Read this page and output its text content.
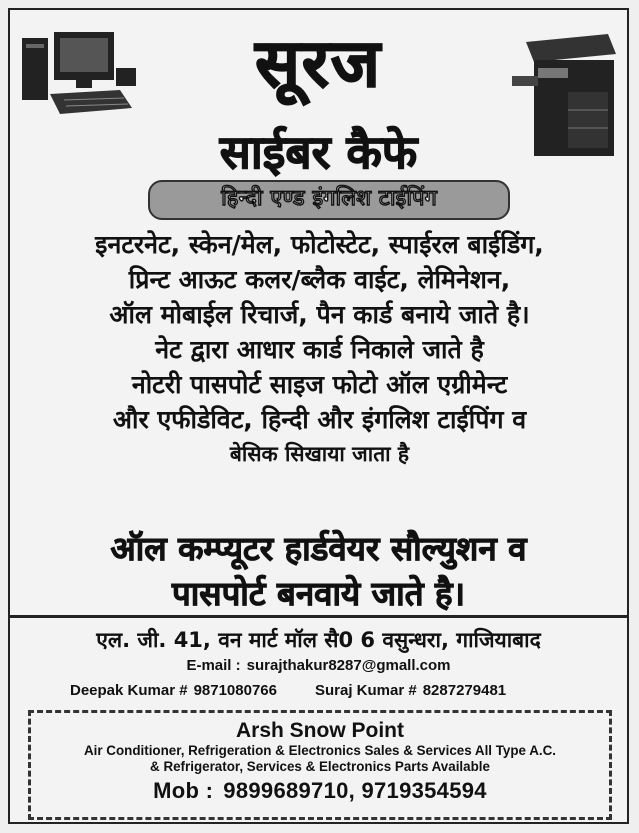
सूरज
साईबर कैफे
हिन्दी एण्ड इंगलिश टाईपिंग
इनटरनेट, स्केन/मेल, फोटोस्टेट, स्पाईरल बाईडिंग,
प्रिन्ट आऊट कलर/ब्लैक वाईट, लेमिनेशन,
ऑल मोबाईल रिचार्ज, पैन कार्ड बनाये जाते है।
नेट द्वारा आधार कार्ड निकाले जाते है
नोटरी पासपोर्ट साइज फोटो ऑल एग्रीमेन्ट
और एफीडेविट, हिन्दी और इंगलिश टाईपिंग व
बेसिक सिखाया जाता है
ऑल कम्प्यूटर हार्डवेयर सौल्युशन व
पासपोर्ट बनवाये जाते है।
एल. जी. 41, वन मार्ट मॉल सै0 6 वसुन्धरा, गाजियाबाद
E-mail : surajthakur8287@gmall.com
Deepak Kumar # 9871080766	Suraj Kumar # 8287279481
Arsh Snow Point
Air Conditioner, Refrigeration & Electronics Sales & Services All Type A.C.
& Refrigerator, Services & Electronics Parts Available
Mob : 9899689710, 9719354594
